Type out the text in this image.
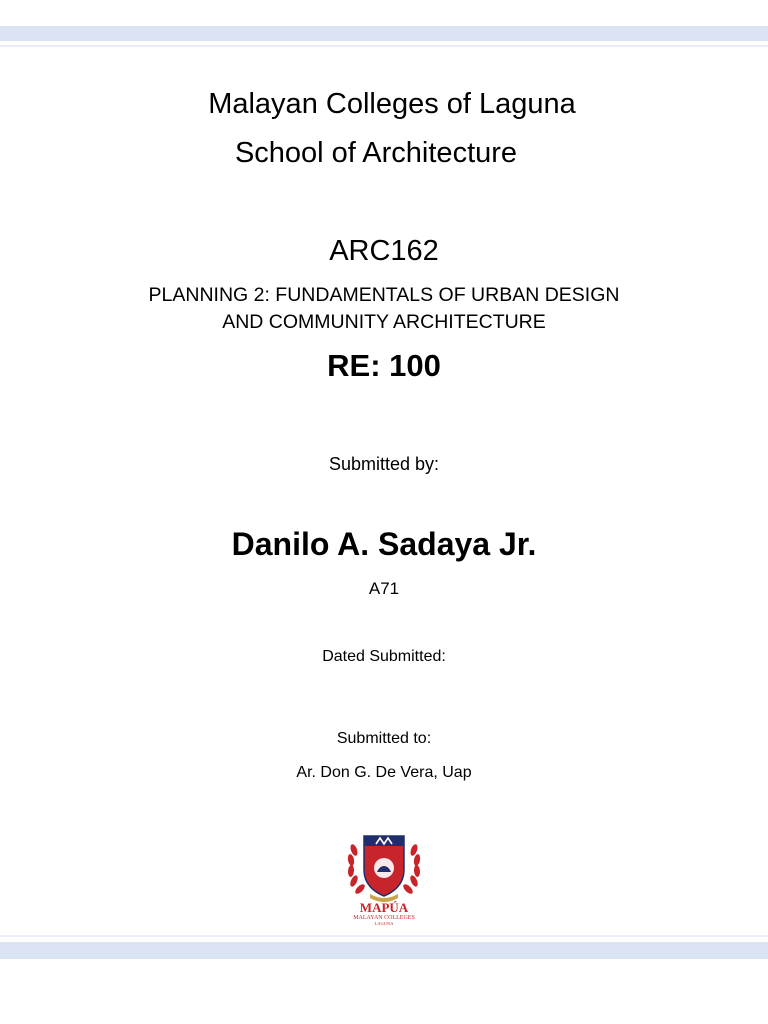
Malayan Colleges of Laguna
School of Architecture
ARC162
PLANNING 2: FUNDAMENTALS OF URBAN DESIGN
AND COMMUNITY ARCHITECTURE
RE: 100
Submitted by:
Danilo A. Sadaya Jr.
A71
Dated Submitted:
Submitted to:
Ar. Don G. De Vera, Uap
MAPÚA
MALAYAN COLLEGES
LAGUNA
